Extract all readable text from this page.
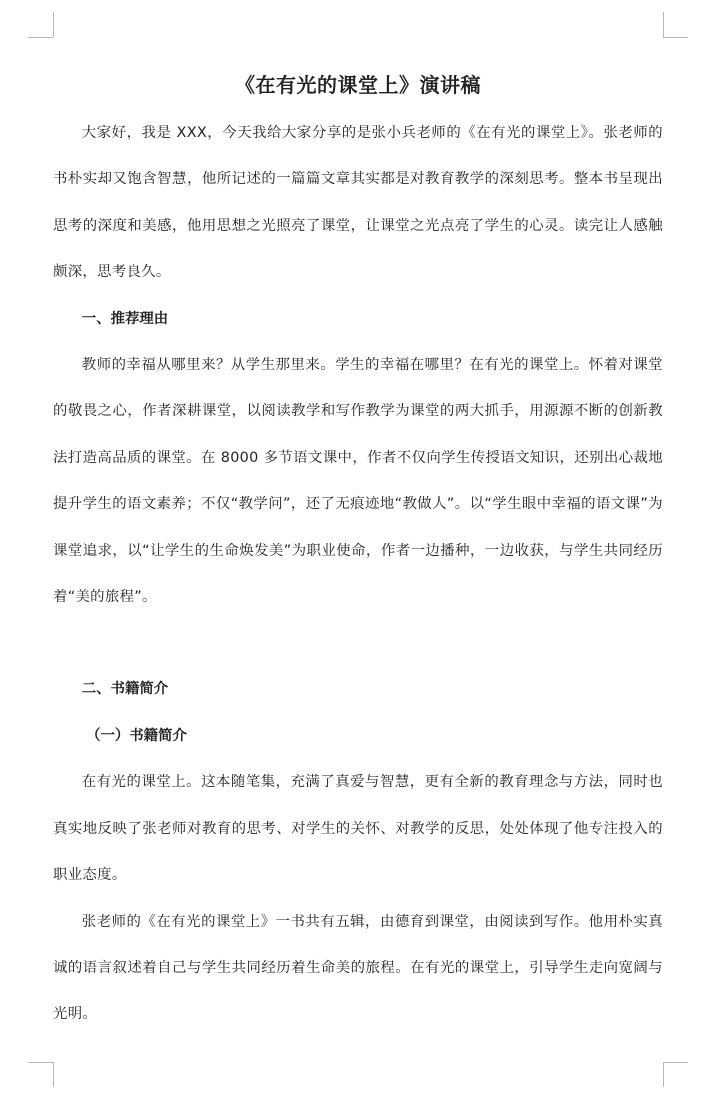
《在有光的课堂上》演讲稿

大家好，我是 XXX，今天我给大家分享的是张小兵老师的《在有光的课堂上》。张老师的书朴实却又饱含智慧，他所记述的一篇篇文章其实都是对教育教学的深刻思考。整本书呈现出思考的深度和美感，他用思想之光照亮了课堂，让课堂之光点亮了学生的心灵。读完让人感触颇深，思考良久。

一、推荐理由

教师的幸福从哪里来？从学生那里来。学生的幸福在哪里？在有光的课堂上。怀着对课堂的敬畏之心，作者深耕课堂，以阅读教学和写作教学为课堂的两大抓手，用源源不断的创新教法打造高品质的课堂。在 8000 多节语文课中，作者不仅向学生传授语文知识，还别出心裁地提升学生的语文素养；不仅“教学问”，还了无痕迹地“教做人”。以“学生眼中幸福的语文课”为课堂追求，以“让学生的生命焕发美”为职业使命，作者一边播种，一边收获，与学生共同经历着“美的旅程”。

二、书籍简介

（一）书籍简介

在有光的课堂上。这本随笔集，充满了真爱与智慧，更有全新的教育理念与方法，同时也真实地反映了张老师对教育的思考、对学生的关怀、对教学的反思，处处体现了他专注投入的职业态度。

张老师的《在有光的课堂上》一书共有五辑，由德育到课堂，由阅读到写作。他用朴实真诚的语言叙述着自己与学生共同经历着生命美的旅程。在有光的课堂上，引导学生走向宽阔与光明。
